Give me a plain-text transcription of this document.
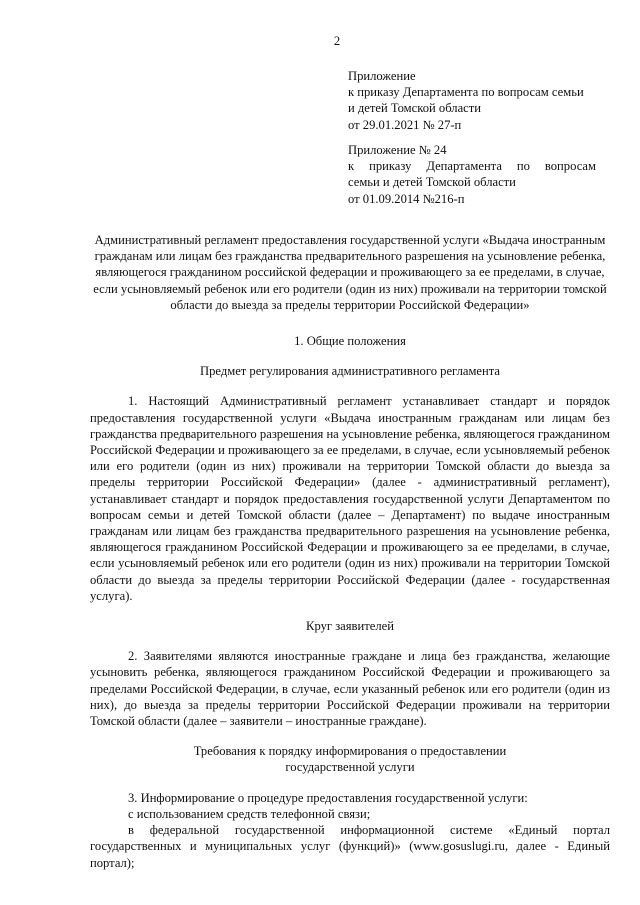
2
Приложение
к приказу Департамента по вопросам семьи
и детей Томской области
от 29.01.2021 № 27-п
Приложение № 24
к приказу Департамента по вопросам
семьи и детей Томской области
от 01.09.2014 №216-п

Административный регламент предоставления государственной услуги «Выдача иностранным гражданам или лицам без гражданства предварительного разрешения на усыновление ребенка, являющегося гражданином российской федерации и проживающего за ее пределами, в случае, если усыновляемый ребенок или его родители (один из них) проживали на территории томской области до выезда за пределы территории Российской Федерации»

1. Общие положения

Предмет регулирования административного регламента

1. Настоящий Административный регламент устанавливает стандарт и порядок предоставления государственной услуги «Выдача иностранным гражданам или лицам без гражданства предварительного разрешения на усыновление ребенка, являющегося гражданином Российской Федерации и проживающего за ее пределами, в случае, если усыновляемый ребенок или его родители (один из них) проживали на территории Томской области до выезда за пределы территории Российской Федерации» (далее - административный регламент), устанавливает стандарт и порядок предоставления государственной услуги Департаментом по вопросам семьи и детей Томской области (далее – Департамент) по выдаче иностранным гражданам или лицам без гражданства предварительного разрешения на усыновление ребенка, являющегося гражданином Российской Федерации и проживающего за ее пределами, в случае, если усыновляемый ребенок или его родители (один из них) проживали на территории Томской области до выезда за пределы территории Российской Федерации (далее - государственная услуга).

Круг заявителей

2. Заявителями являются иностранные граждане и лица без гражданства, желающие усыновить ребенка, являющегося гражданином Российской Федерации и проживающего за пределами Российской Федерации, в случае, если указанный ребенок или его родители (один из них), до выезда за пределы территории Российской Федерации проживали на территории Томской области (далее – заявители – иностранные граждане).

Требования к порядку информирования о предоставлении
государственной услуги

3. Информирование о процедуре предоставления государственной услуги:

с использованием средств телефонной связи;

в федеральной государственной информационной системе «Единый портал государственных и муниципальных услуг (функций)» (www.gosuslugi.ru, далее - Единый портал);
